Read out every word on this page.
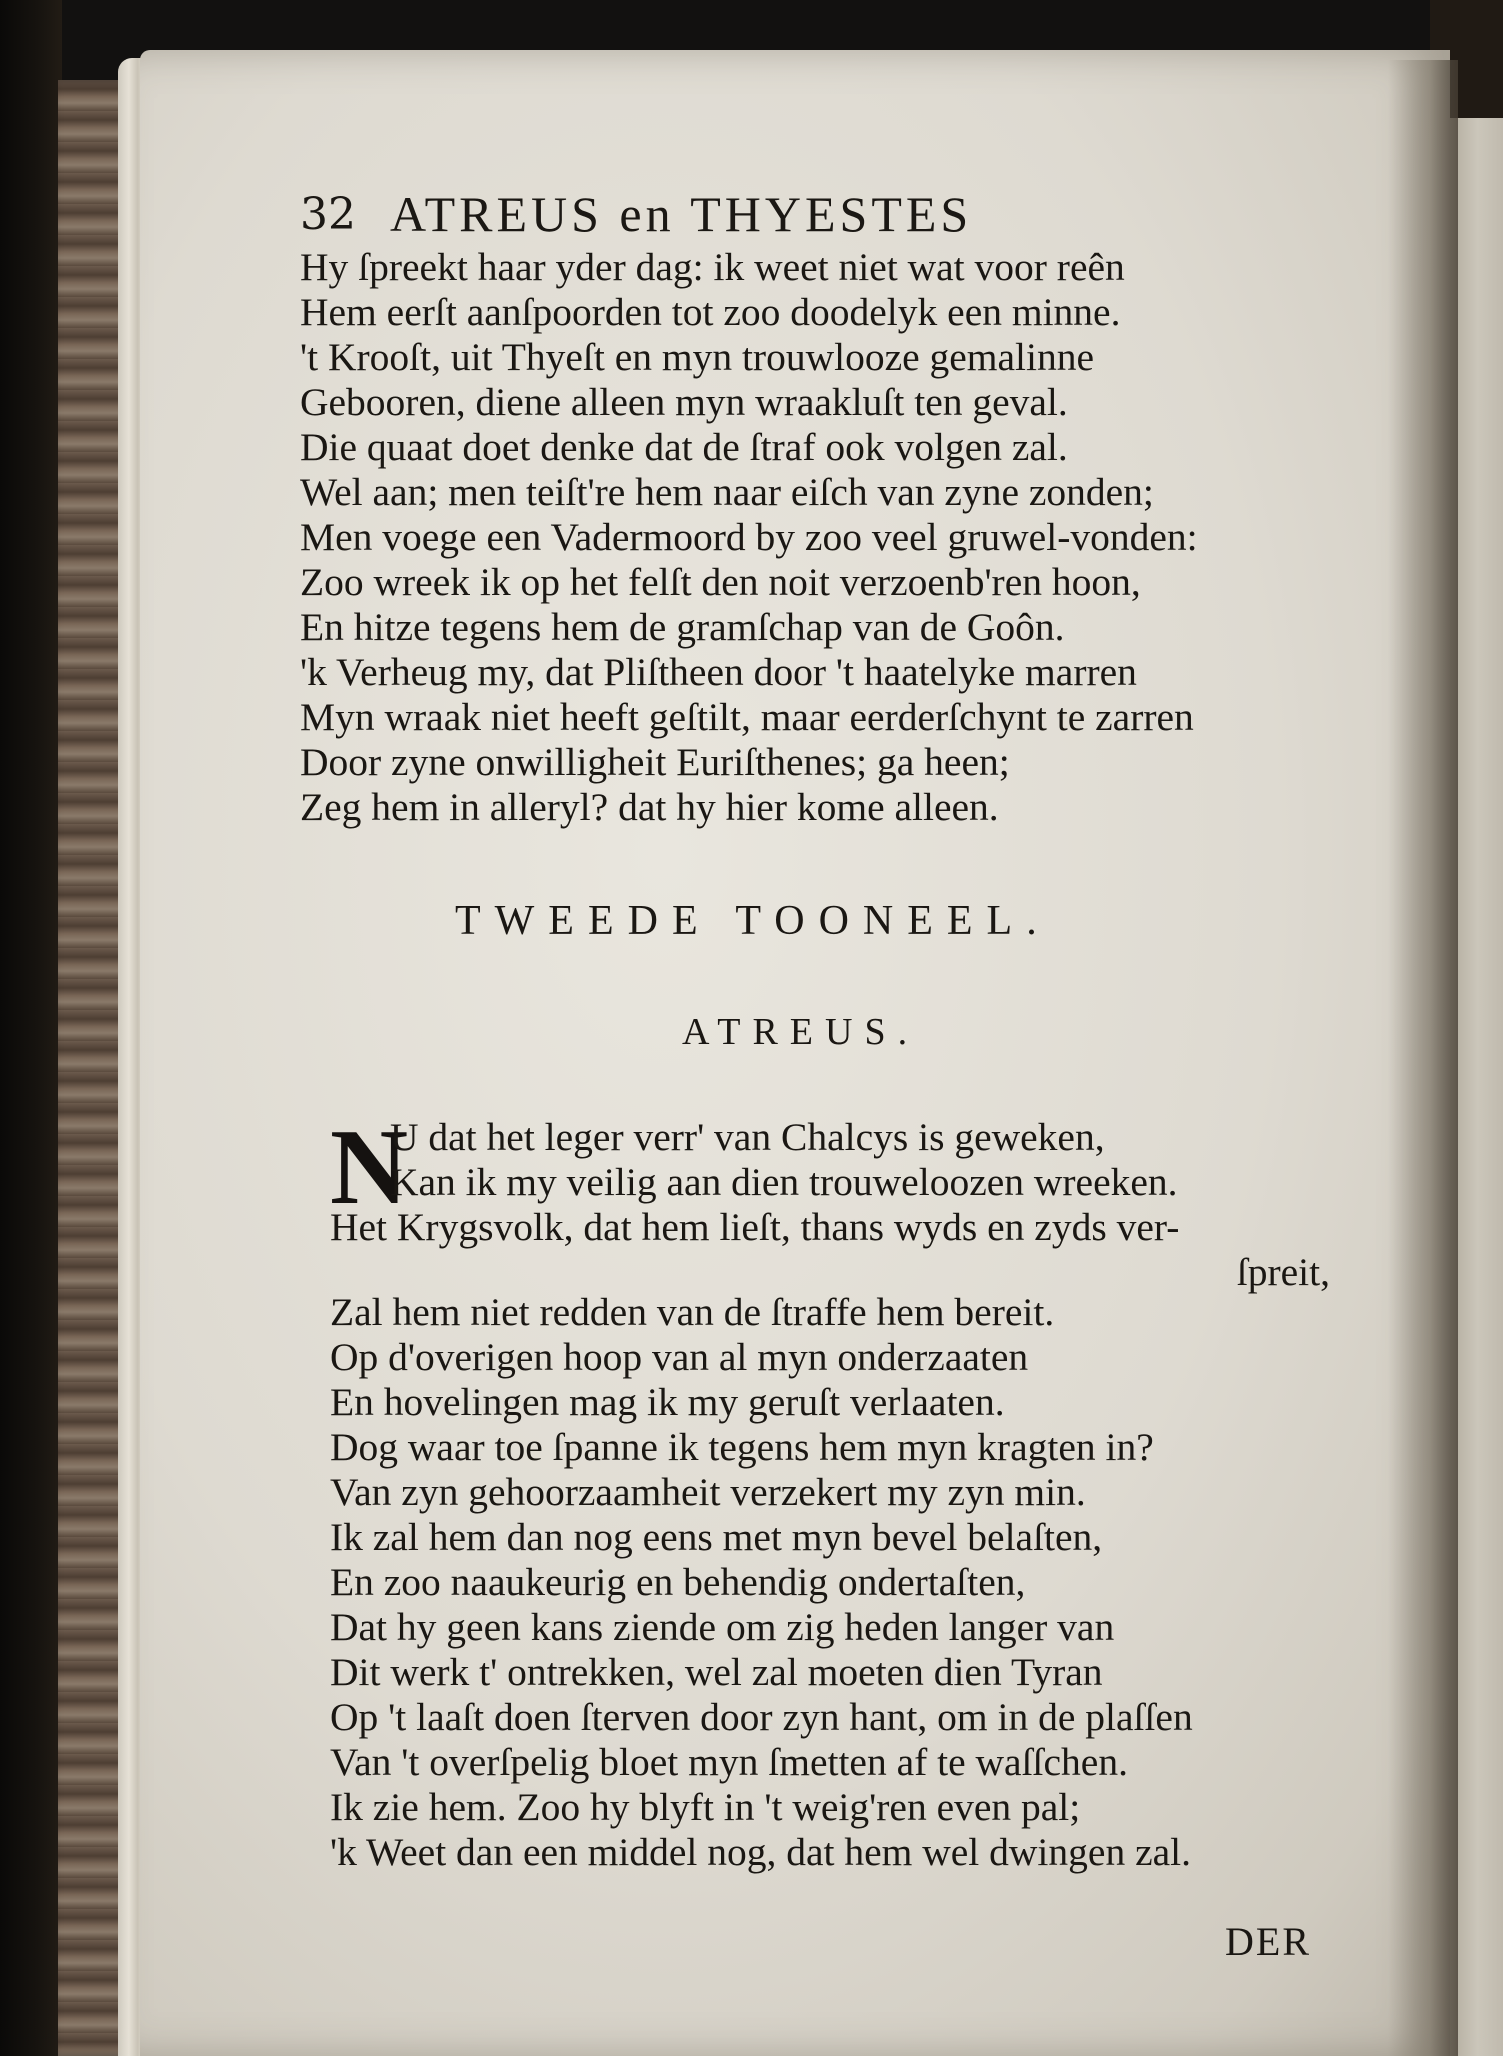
32 ATREUS en THYESTES
Hy ſpreekt haar yder dag: ik weet niet wat voor reên
Hem eerſt aanſpoorden tot zoo doodelyk een minne.
't Krooſt, uit Thyeſt en myn trouwlooze gemalinne
Gebooren, diene alleen myn wraakluſt ten geval.
Die quaat doet denke dat de ſtraf ook volgen zal.
Wel aan; men teiſt're hem naar eiſch van zyne zonden;
Men voege een Vadermoord by zoo veel gruwel-vonden:
Zoo wreek ik op het felſt den noit verzoenb'ren hoon,
En hitze tegens hem de gramſchap van de Goôn.
'k Verheug my, dat Pliſtheen door 't haatelyke marren
Myn wraak niet heeft geſtilt, maar eerderſchynt te zarren
Door zyne onwilligheit Euriſthenes; ga heen;
Zeg hem in alleryl? dat hy hier kome alleen.
TWEEDE TOONEEL.
ATREUS.
N
U dat het leger verr' van Chalcys is geweken,
Kan ik my veilig aan dien trouweloozen wreeken.
Het Krygsvolk, dat hem lieſt, thans wyds en zyds ver-
ſpreit,
Zal hem niet redden van de ſtraffe hem bereit.
Op d'overigen hoop van al myn onderzaaten
En hovelingen mag ik my geruſt verlaaten.
Dog waar toe ſpanne ik tegens hem myn kragten in?
Van zyn gehoorzaamheit verzekert my zyn min.
Ik zal hem dan nog eens met myn bevel belaſten,
En zoo naaukeurig en behendig ondertaſten,
Dat hy geen kans ziende om zig heden langer van
Dit werk t' ontrekken, wel zal moeten dien Tyran
Op 't laaſt doen ſterven door zyn hant, om in de plaſſen
Van 't overſpelig bloet myn ſmetten af te waſſchen.
Ik zie hem. Zoo hy blyft in 't weig'ren even pal;
'k Weet dan een middel nog, dat hem wel dwingen zal.
DER
